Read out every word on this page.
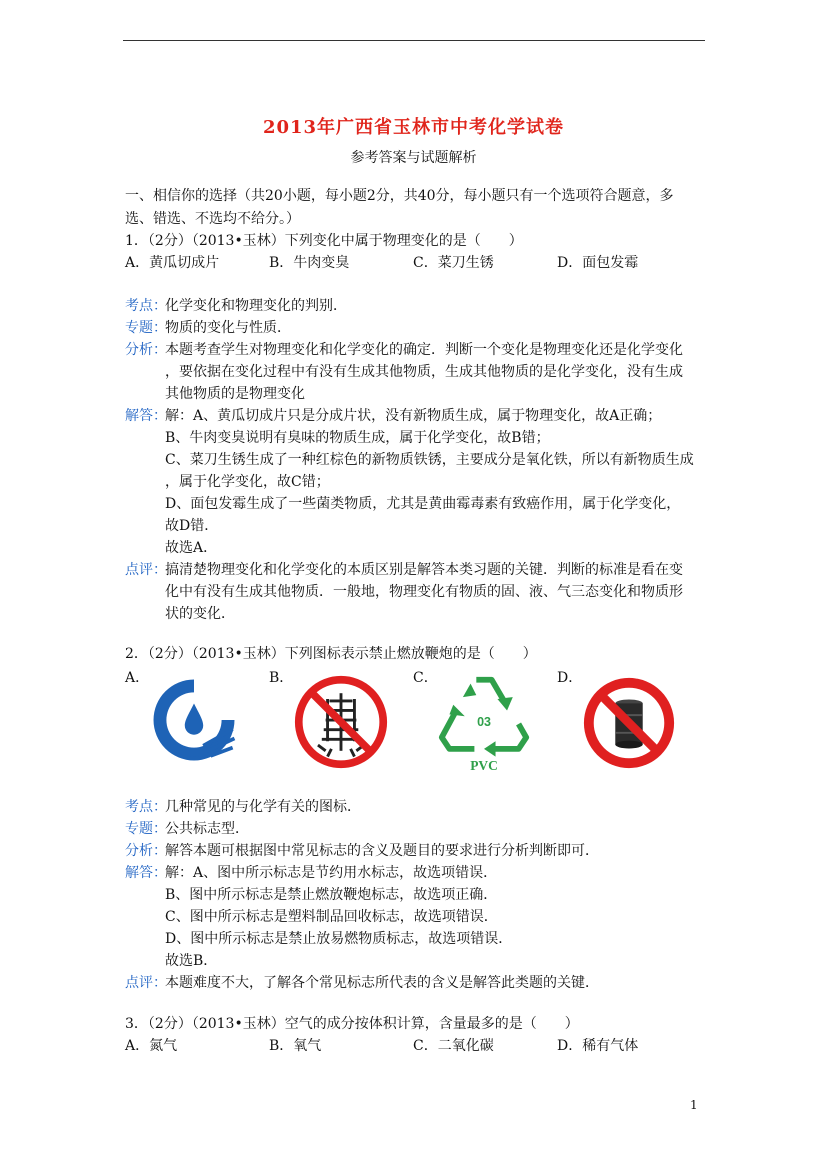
2013年广西省玉林市中考化学试卷
参考答案与试题解析
一、相信你的选择（共20小题，每小题2分，共40分，每小题只有一个选项符合题意，多
选、错选、不选均不给分。）
1．（2分）（2013•玉林）下列变化中属于物理变化的是（　　）
A．黄瓜切成片	B．牛肉变臭	C．菜刀生锈	D．面包发霉
考点：
化学变化和物理变化的判别．
专题：
物质的变化与性质．
分析：
本题考查学生对物理变化和化学变化的确定．判断一个变化是物理变化还是化学变化
，要依据在变化过程中有没有生成其他物质，生成其他物质的是化学变化，没有生成
其他物质的是物理变化
解答：
解：A、黄瓜切成片只是分成片状，没有新物质生成，属于物理变化，故A正确；
B、牛肉变臭说明有臭味的物质生成，属于化学变化，故B错；
C、菜刀生锈生成了一种红棕色的新物质铁锈，主要成分是氧化铁，所以有新物质生成
，属于化学变化，故C错；
D、面包发霉生成了一些菌类物质，尤其是黄曲霉毒素有致癌作用，属于化学变化，
故D错．
故选A．
点评：
搞清楚物理变化和化学变化的本质区别是解答本类习题的关键．判断的标准是看在变
化中有没有生成其他物质．一般地，物理变化有物质的固、液、气三态变化和物质形
状的变化．
2．（2分）（2013•玉林）下列图标表示禁止燃放鞭炮的是（　　）
A．	B．	C．	D．
03
PVC
考点：
几种常见的与化学有关的图标．
专题：
公共标志型．
分析：
解答本题可根据图中常见标志的含义及题目的要求进行分析判断即可．
解答：
解：A、图中所示标志是节约用水标志，故选项错误．
B、图中所示标志是禁止燃放鞭炮标志，故选项正确．
C、图中所示标志是塑料制品回收标志，故选项错误．
D、图中所示标志是禁止放易燃物质标志，故选项错误．
故选B．
点评：
本题难度不大，了解各个常见标志所代表的含义是解答此类题的关键．
3．（2分）（2013•玉林）空气的成分按体积计算，含量最多的是（　　）
A．氮气	B．氧气	C．二氧化碳	D．稀有气体
1
